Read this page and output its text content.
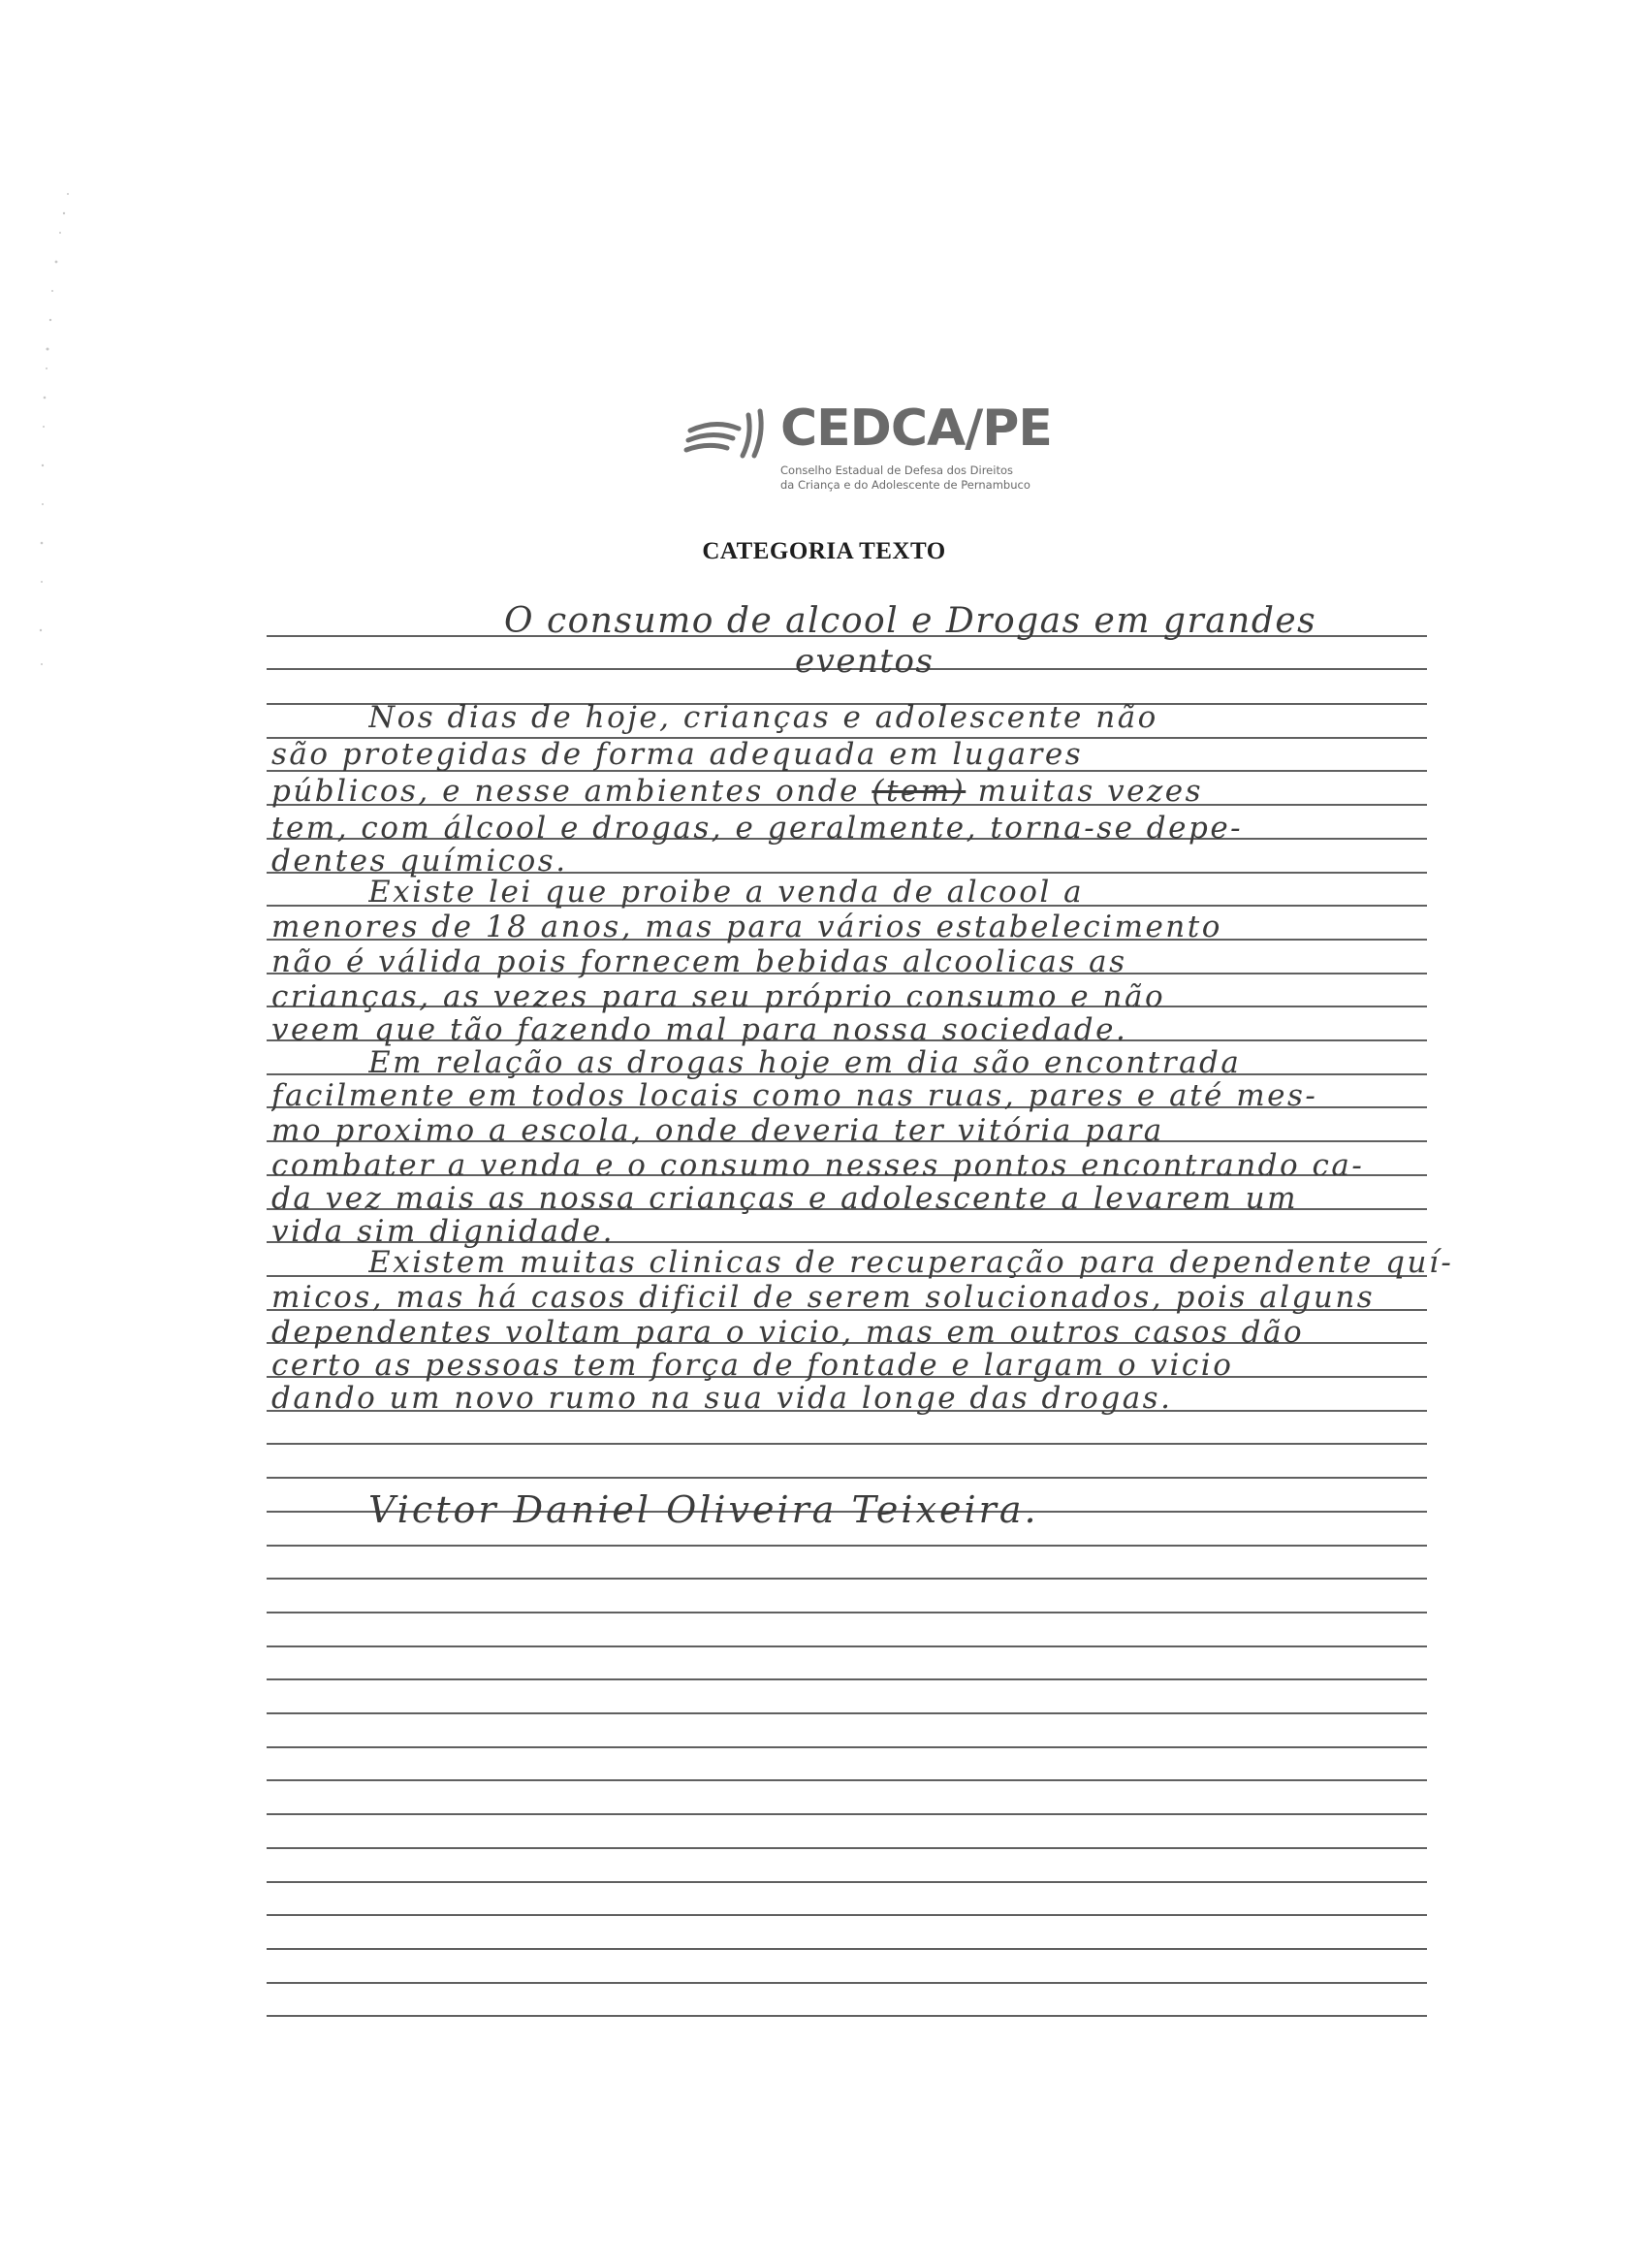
CEDCA/PE
Conselho Estadual de Defesa dos Direitos
da Criança e do Adolescente de Pernambuco
CATEGORIA TEXTO
O consumo de alcool e Drogas em grandes
eventos
Nos dias de hoje, crianças e adolescente não
são protegidas de forma adequada em lugares
públicos, e nesse ambientes onde (tem) muitas vezes
tem, com álcool e drogas, e geralmente, torna-se depe-
dentes químicos.
Existe lei que proibe a venda de alcool a
menores de 18 anos, mas para vários estabelecimento
não é válida pois fornecem bebidas alcoolicas as
crianças, as vezes para seu próprio consumo e não
veem que tão fazendo mal para nossa sociedade.
Em relação as drogas hoje em dia são encontrada
facilmente em todos locais como nas ruas, pares e até mes-
mo proximo a escola, onde deveria ter vitória para
combater a venda e o consumo nesses pontos encontrando ca-
da vez mais as nossa crianças e adolescente a levarem um
vida sim dignidade.
Existem muitas clinicas de recuperação para dependente quí-
micos, mas há casos dificil de serem solucionados, pois alguns
dependentes voltam para o vicio, mas em outros casos dão
certo as pessoas tem força de fontade e largam o vicio
dando um novo rumo na sua vida longe das drogas.
Victor Daniel Oliveira Teixeira.
